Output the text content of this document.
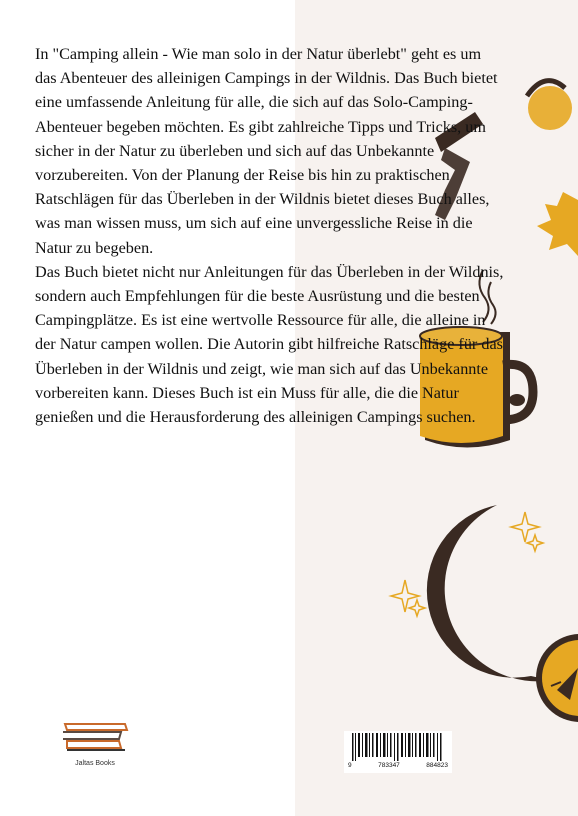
In "Camping allein - Wie man solo in der Natur überlebt" geht es um das Abenteuer des alleinigen Campings in der Wildnis. Das Buch bietet eine umfassende Anleitung für alle, die sich auf das Solo-Camping-Abenteuer begeben möchten. Es gibt zahlreiche Tipps und Tricks, um sicher in der Natur zu überleben und sich auf das Unbekannte vorzubereiten. Von der Planung der Reise bis hin zu praktischen Ratschlägen für das Überleben in der Wildnis bietet dieses Buch alles, was man wissen muss, um sich auf eine unvergessliche Reise in die Natur zu begeben.

Das Buch bietet nicht nur Anleitungen für das Überleben in der Wildnis, sondern auch Empfehlungen für die beste Ausrüstung und die besten Campingplätze. Es ist eine wertvolle Ressource für alle, die alleine in der Natur campen wollen. Die Autorin gibt hilfreiche Ratschläge für das Überleben in der Wildnis und zeigt, wie man sich auf das Unbekannte vorbereiten kann. Dieses Buch ist ein Muss für alle, die die Natur genießen und die Herausforderung des alleinigen Campings suchen.

Jaltas Books	9	783347	884823
